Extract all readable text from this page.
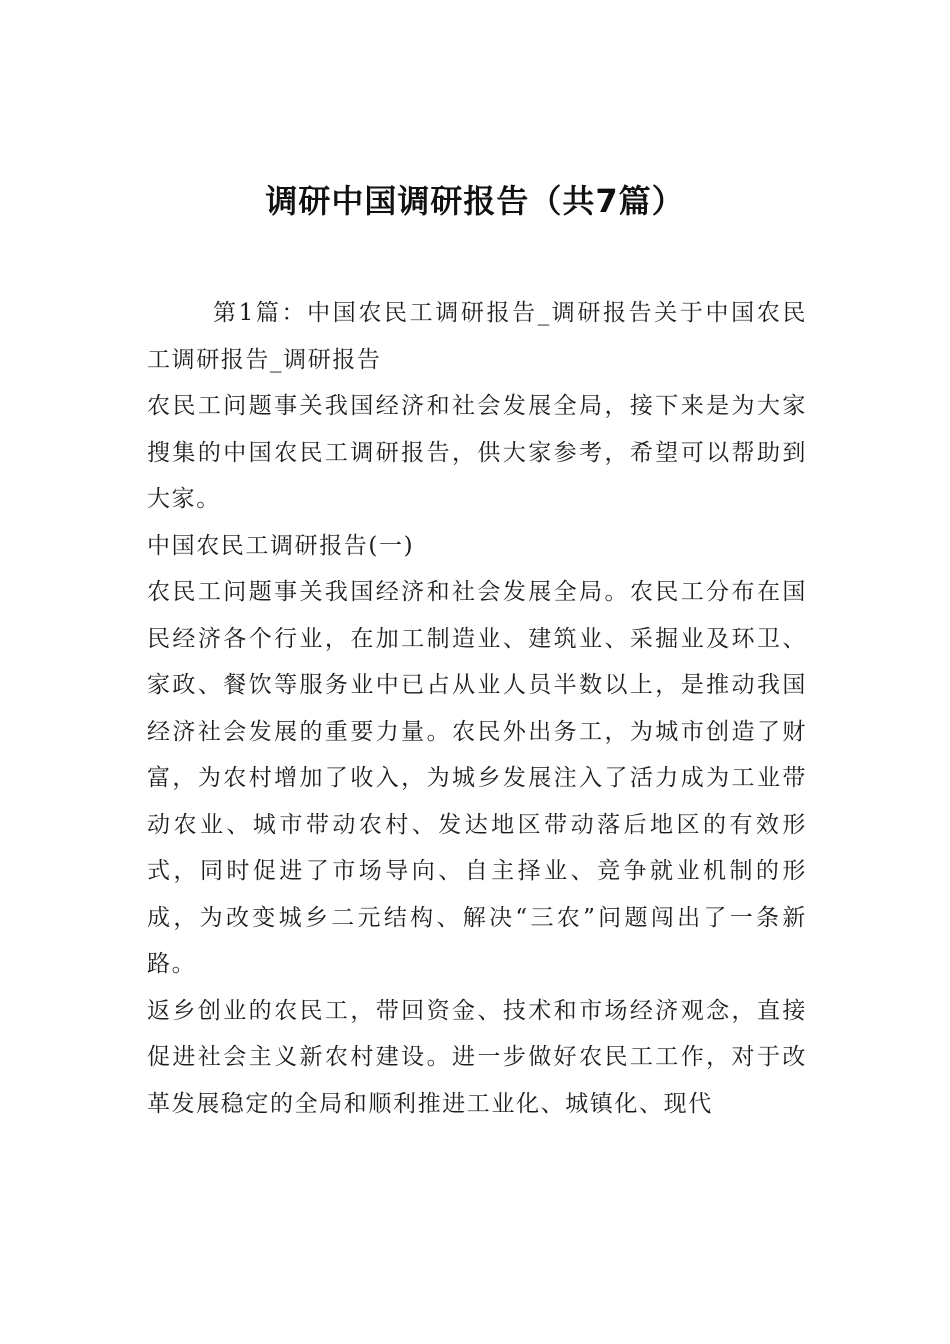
调研中国调研报告（共7篇）

第1篇：中国农民工调研报告_调研报告关于中国农民工调研报告_调研报告

农民工问题事关我国经济和社会发展全局，接下来是为大家搜集的中国农民工调研报告，供大家参考，希望可以帮助到大家。

中国农民工调研报告(一)

农民工问题事关我国经济和社会发展全局。农民工分布在国民经济各个行业，在加工制造业、建筑业、采掘业及环卫、家政、餐饮等服务业中已占从业人员半数以上，是推动我国经济社会发展的重要力量。农民外出务工，为城市创造了财富，为农村增加了收入，为城乡发展注入了活力成为工业带动农业、城市带动农村、发达地区带动落后地区的有效形式，同时促进了市场导向、自主择业、竞争就业机制的形成，为改变城乡二元结构、解决“三农”问题闯出了一条新路。

返乡创业的农民工，带回资金、技术和市场经济观念，直接促进社会主义新农村建设。进一步做好农民工工作，对于改革发展稳定的全局和顺利推进工业化、城镇化、现代
